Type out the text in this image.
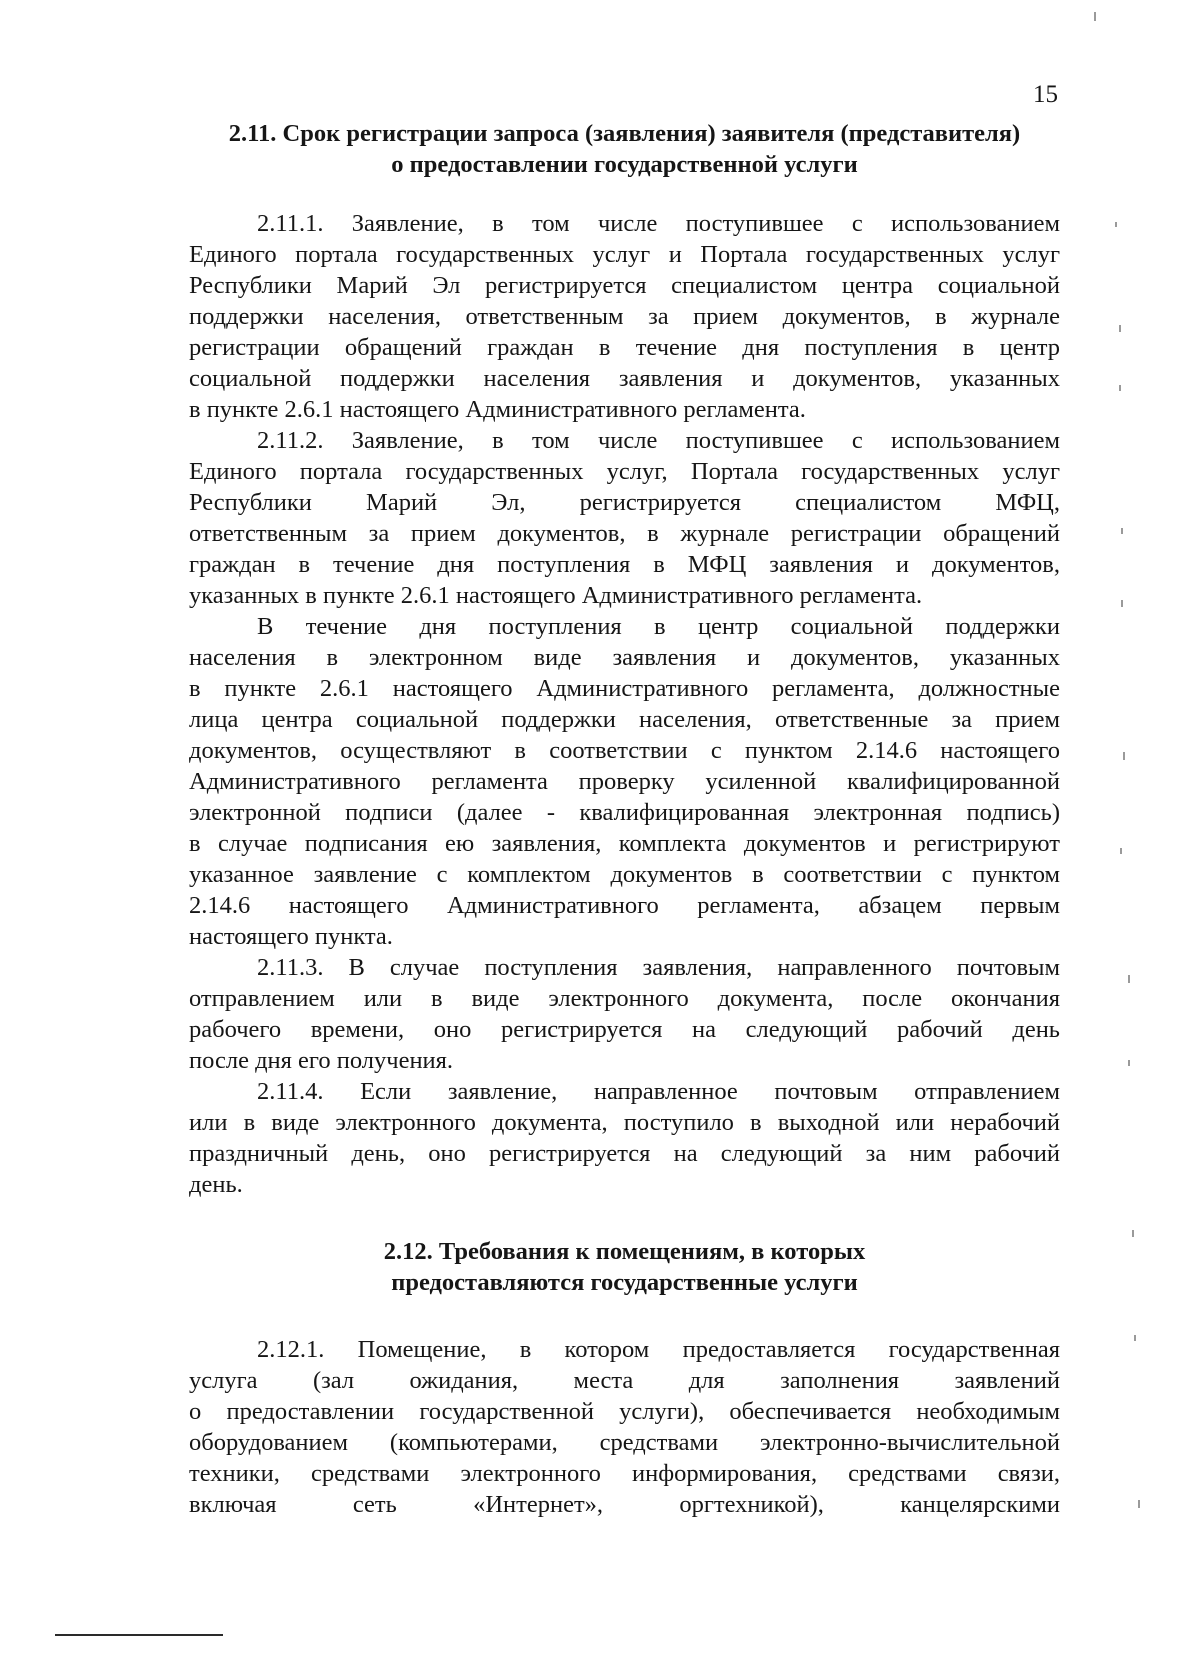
15
2.11. Срок регистрации запроса (заявления) заявителя (представителя)
о предоставлении государственной услуги
2.11.1. Заявление, в том числе поступившее с использованием
Единого портала государственных услуг и Портала государственных услуг
Республики Марий Эл регистрируется специалистом центра социальной
поддержки населения, ответственным за прием документов, в журнале
регистрации обращений граждан в течение дня поступления в центр
социальной поддержки населения заявления и документов, указанных
в пункте 2.6.1 настоящего Административного регламента.
2.11.2. Заявление, в том числе поступившее с использованием
Единого портала государственных услуг, Портала государственных услуг
Республики Марий Эл, регистрируется специалистом МФЦ,
ответственным за прием документов, в журнале регистрации обращений
граждан в течение дня поступления в МФЦ заявления и документов,
указанных в пункте 2.6.1 настоящего Административного регламента.
В течение дня поступления в центр социальной поддержки
населения в электронном виде заявления и документов, указанных
в пункте 2.6.1 настоящего Административного регламента, должностные
лица центра социальной поддержки населения, ответственные за прием
документов, осуществляют в соответствии с пунктом 2.14.6 настоящего
Административного регламента проверку усиленной квалифицированной
электронной подписи (далее - квалифицированная электронная подпись)
в случае подписания ею заявления, комплекта документов и регистрируют
указанное заявление с комплектом документов в соответствии с пунктом
2.14.6 настоящего Административного регламента, абзацем первым
настоящего пункта.
2.11.3. В случае поступления заявления, направленного почтовым
отправлением или в виде электронного документа, после окончания
рабочего времени, оно регистрируется на следующий рабочий день
после дня его получения.
2.11.4. Если заявление, направленное почтовым отправлением
или в виде электронного документа, поступило в выходной или нерабочий
праздничный день, оно регистрируется на следующий за ним рабочий
день.
2.12. Требования к помещениям, в которых
предоставляются государственные услуги
2.12.1. Помещение, в котором предоставляется государственная
услуга (зал ожидания, места для заполнения заявлений
о предоставлении государственной услуги), обеспечивается необходимым
оборудованием (компьютерами, средствами электронно-вычислительной
техники, средствами электронного информирования, средствами связи,
включая сеть «Интернет», оргтехникой), канцелярскими
